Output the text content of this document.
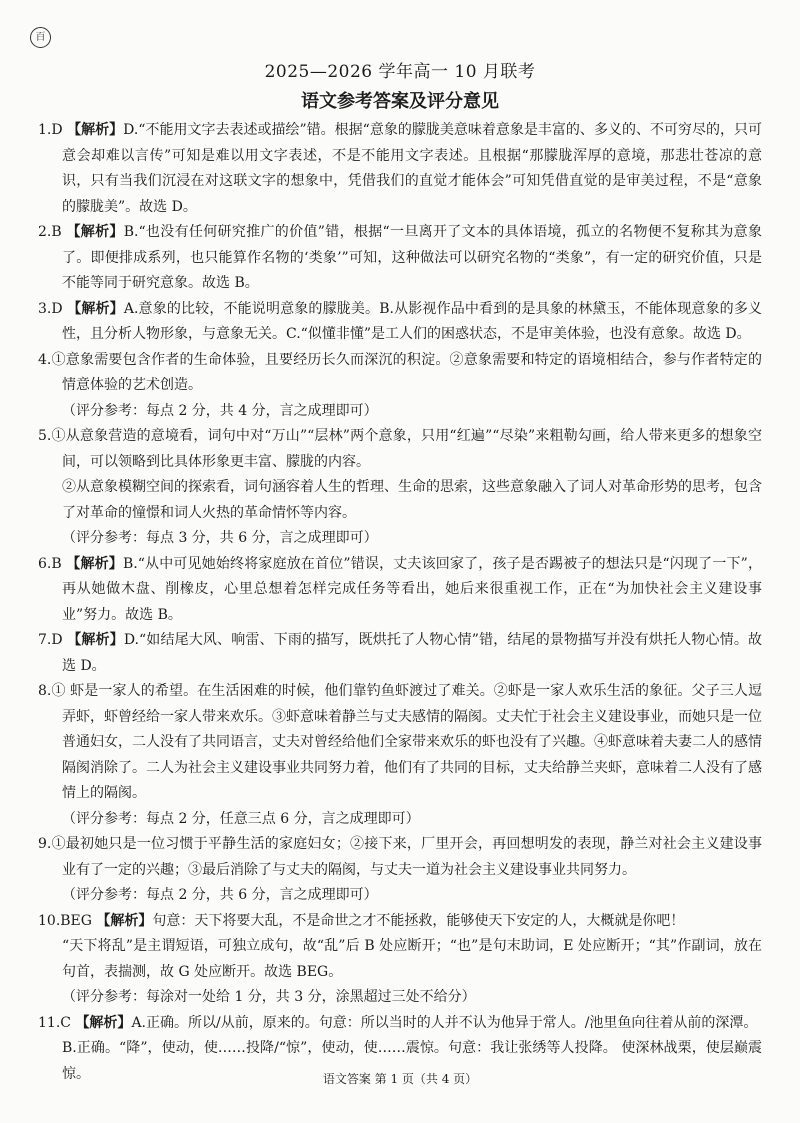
百
2025—2026 学年高一 10 月联考
语文参考答案及评分意见

1.D 【解析】D.“不能用文字去表述或描绘”错。根据“意象的朦胧美意味着意象是丰富的、多义的、不可穷尽的，只可意会却难以言传”可知是难以用文字表述，不是不能用文字表述。且根据“那朦胧浑厚的意境，那悲壮苍凉的意识，只有当我们沉浸在对这联文字的想象中，凭借我们的直觉才能体会”可知凭借直觉的是审美过程，不是“意象的朦胧美”。故选 D。

2.B 【解析】B.“也没有任何研究推广的价值”错，根据“一旦离开了文本的具体语境，孤立的名物便不复称其为意象了。即便排成系列，也只能算作名物的‘类象’”可知，这种做法可以研究名物的“类象”，有一定的研究价值，只是不能等同于研究意象。故选 B。

3.D 【解析】A.意象的比较，不能说明意象的朦胧美。B.从影视作品中看到的是具象的林黛玉，不能体现意象的多义性，且分析人物形象，与意象无关。C.“似懂非懂”是工人们的困惑状态，不是审美体验，也没有意象。故选 D。

4.①意象需要包含作者的生命体验，且要经历长久而深沉的积淀。②意象需要和特定的语境相结合，参与作者特定的情意体验的艺术创造。

（评分参考：每点 2 分，共 4 分，言之成理即可）

5.①从意象营造的意境看，词句中对“万山”“层林”两个意象，只用“红遍”“尽染”来粗勒勾画，给人带来更多的想象空间，可以领略到比具体形象更丰富、朦胧的内容。

②从意象模糊空间的探索看，词句涵容着人生的哲理、生命的思索，这些意象融入了词人对革命形势的思考，包含了对革命的憧憬和词人火热的革命情怀等内容。

（评分参考：每点 3 分，共 6 分，言之成理即可）

6.B 【解析】B.“从中可见她始终将家庭放在首位”错误，丈夫该回家了，孩子是否踢被子的想法只是“闪现了一下”，再从她做木盘、削橡皮，心里总想着怎样完成任务等看出，她后来很重视工作，正在“为加快社会主义建设事业”努力。故选 B。

7.D 【解析】D.“如结尾大风、响雷、下雨的描写，既烘托了人物心情”错，结尾的景物描写并没有烘托人物心情。故选 D。

8.① 虾是一家人的希望。在生活困难的时候，他们靠钓鱼虾渡过了难关。②虾是一家人欢乐生活的象征。父子三人逗弄虾，虾曾经给一家人带来欢乐。③虾意味着静兰与丈夫感情的隔阂。丈夫忙于社会主义建设事业，而她只是一位普通妇女，二人没有了共同语言，丈夫对曾经给他们全家带来欢乐的虾也没有了兴趣。④虾意味着夫妻二人的感情隔阂消除了。二人为社会主义建设事业共同努力着，他们有了共同的目标，丈夫给静兰夹虾，意味着二人没有了感情上的隔阂。

（评分参考：每点 2 分，任意三点 6 分，言之成理即可）

9.①最初她只是一位习惯于平静生活的家庭妇女；②接下来，厂里开会，再回想明发的表现，静兰对社会主义建设事业有了一定的兴趣；③最后消除了与丈夫的隔阂，与丈夫一道为社会主义建设事业共同努力。

（评分参考：每点 2 分，共 6 分，言之成理即可）

10.BEG 【解析】句意：天下将要大乱，不是命世之才不能拯救，能够使天下安定的人，大概就是你吧！

“天下将乱”是主谓短语，可独立成句，故“乱”后 B 处应断开；“也”是句末助词，E 处应断开；“其”作副词，放在句首，表揣测，故 G 处应断开。故选 BEG。

（评分参考：每涂对一处给 1 分，共 3 分，涂黑超过三处不给分）

11.C 【解析】A.正确。所以/从前，原来的。句意：所以当时的人并不认为他异于常人。/池里鱼向往着从前的深潭。

B.正确。“降”，使动，使……投降/“惊”，使动，使……震惊。句意：我让张绣等人投降。 使深林战栗，使层巅震惊。	语文答案 第 1 页（共 4 页）
